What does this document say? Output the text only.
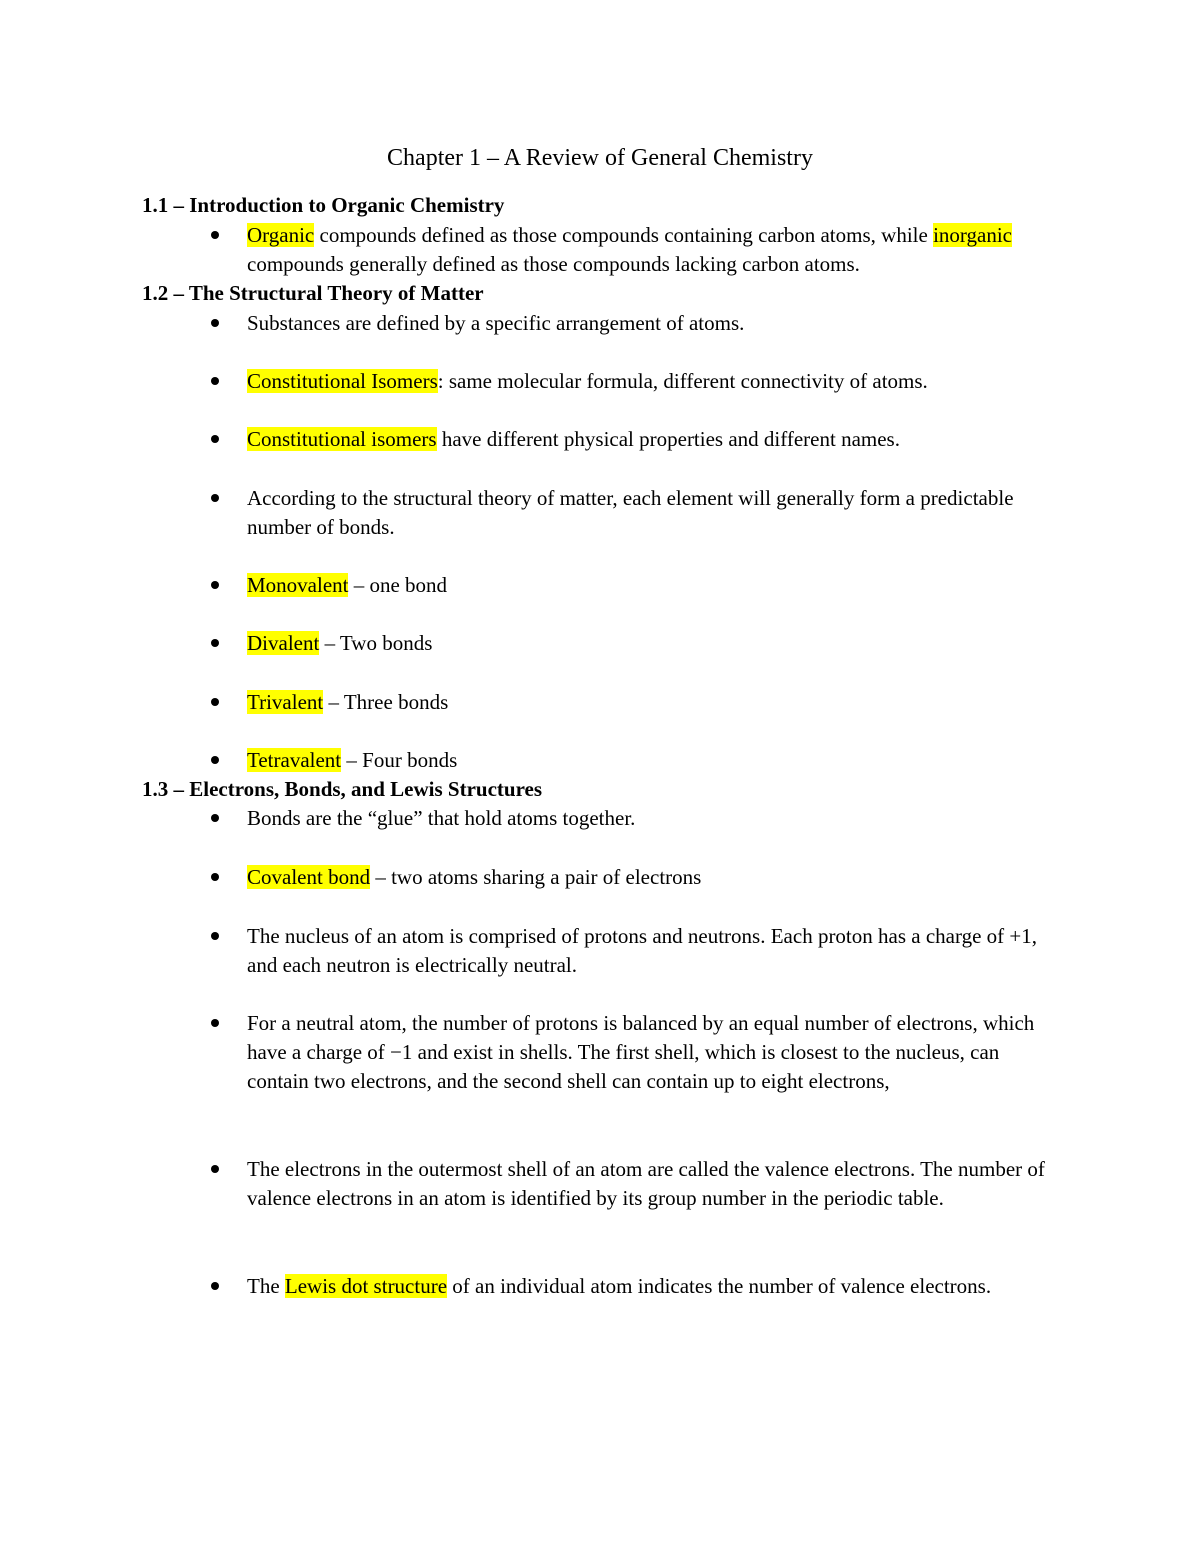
Chapter 1 – A Review of General Chemistry
1.1 – Introduction to Organic Chemistry
Organic compounds defined as those compounds containing carbon atoms, while inorganic compounds generally defined as those compounds lacking carbon atoms.
1.2 – The Structural Theory of Matter
Substances are defined by a specific arrangement of atoms.
Constitutional Isomers: same molecular formula, different connectivity of atoms.
Constitutional isomers have different physical properties and different names.
According to the structural theory of matter, each element will generally form a predictable number of bonds.
Monovalent – one bond
Divalent – Two bonds
Trivalent – Three bonds
Tetravalent – Four bonds
1.3 – Electrons, Bonds, and Lewis Structures
Bonds are the “glue” that hold atoms together.
Covalent bond – two atoms sharing a pair of electrons
The nucleus of an atom is comprised of protons and neutrons. Each proton has a charge of +1, and each neutron is electrically neutral.
For a neutral atom, the number of protons is balanced by an equal number of electrons, which have a charge of −1 and exist in shells. The first shell, which is closest to the nucleus, can contain two electrons, and the second shell can contain up to eight electrons,
The electrons in the outermost shell of an atom are called the valence electrons. The number of valence electrons in an atom is identified by its group number in the periodic table.
The Lewis dot structure of an individual atom indicates the number of valence electrons.
